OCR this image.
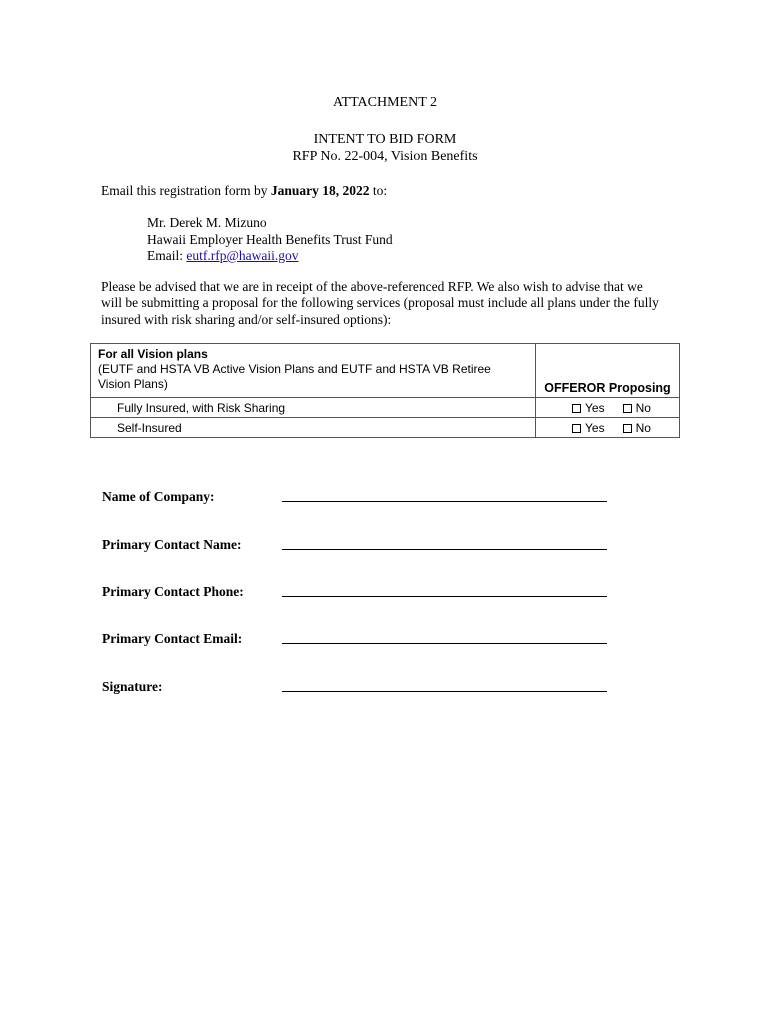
ATTACHMENT 2
INTENT TO BID FORM
RFP No. 22-004, Vision Benefits
Email this registration form by January 18, 2022 to:
Mr. Derek M. Mizuno
Hawaii Employer Health Benefits Trust Fund
Email: eutf.rfp@hawaii.gov
Please be advised that we are in receipt of the above-referenced RFP. We also wish to advise that we
will be submitting a proposal for the following services (proposal must include all plans under the fully
insured with risk sharing and/or self-insured options):
For all Vision plans
(EUTF and HSTA VB Active Vision Plans and EUTF and HSTA VB Retiree
Vision Plans)	OFFEROR Proposing
Fully Insured, with Risk Sharing	Yes No

Self-Insured	Yes No
Name of Company:
Primary Contact Name:
Primary Contact Phone:
Primary Contact Email:
Signature:
